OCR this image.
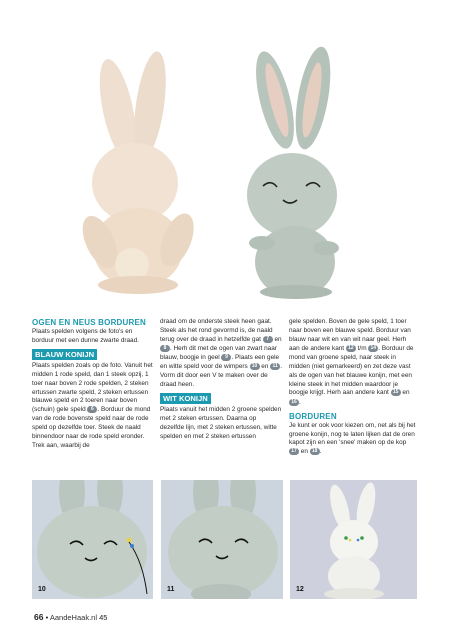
OGEN EN NEUS BORDUREN

Plaats spelden volgens de foto's en borduur met een dunne zwarte draad.

BLAUW KONIJN

Plaats spelden zoals op de foto. Vanuit het midden 1 rode speld, dan 1 steek opzij, 1 toer naar boven 2 rode spelden, 2 steken ertussen zwarte speld, 2 steken ertussen blauwe speld en 2 toeren naar boven (schuin) gele speld 6 . Borduur de mond van de rode bovenste speld naar de rode speld op dezelfde toer. Steek de naald binnendoor naar de rode speld eronder. Trek aan, waarbij de

draad om de onderste steek heen gaat. Steek als het rond gevormd is, de naald terug over de draad in hetzelfde gat 7 en 8 . Herh dit met de ogen van zwart naar blauw, boogje in geel 9 . Plaats een gele en witte speld voor de wimpers 10 en 11 . Vorm dit door een V te maken over de draad heen.

WIT KONIJN

Plaats vanuit het midden 2 groene spelden met 2 steken ertussen. Daarna op dezelfde lijn, met 2 steken ertussen, witte spelden en met 2 steken ertussen

gele spelden. Boven de gele speld, 1 toer naar boven een blauwe speld. Borduur van blauw naar wit en van wit naar geel. Herh aan de andere kant 12 t/m 14 . Borduur de mond van groene speld, naar steek in midden (niet gemarkeerd) en zet deze vast als de ogen van het blauwe konijn, met een kleine steek in het midden waardoor je boogje krijgt. Herh aan andere kant 15 en 16 .

BORDUREN

Je kunt er ook voor kiezen om, net als bij het groene konijn, nog te laten lijken dat de oren kapot zijn en een 'snee' maken op de kop 17 en 18 .

10	11	12
66 • AandeHaak.nl 45
